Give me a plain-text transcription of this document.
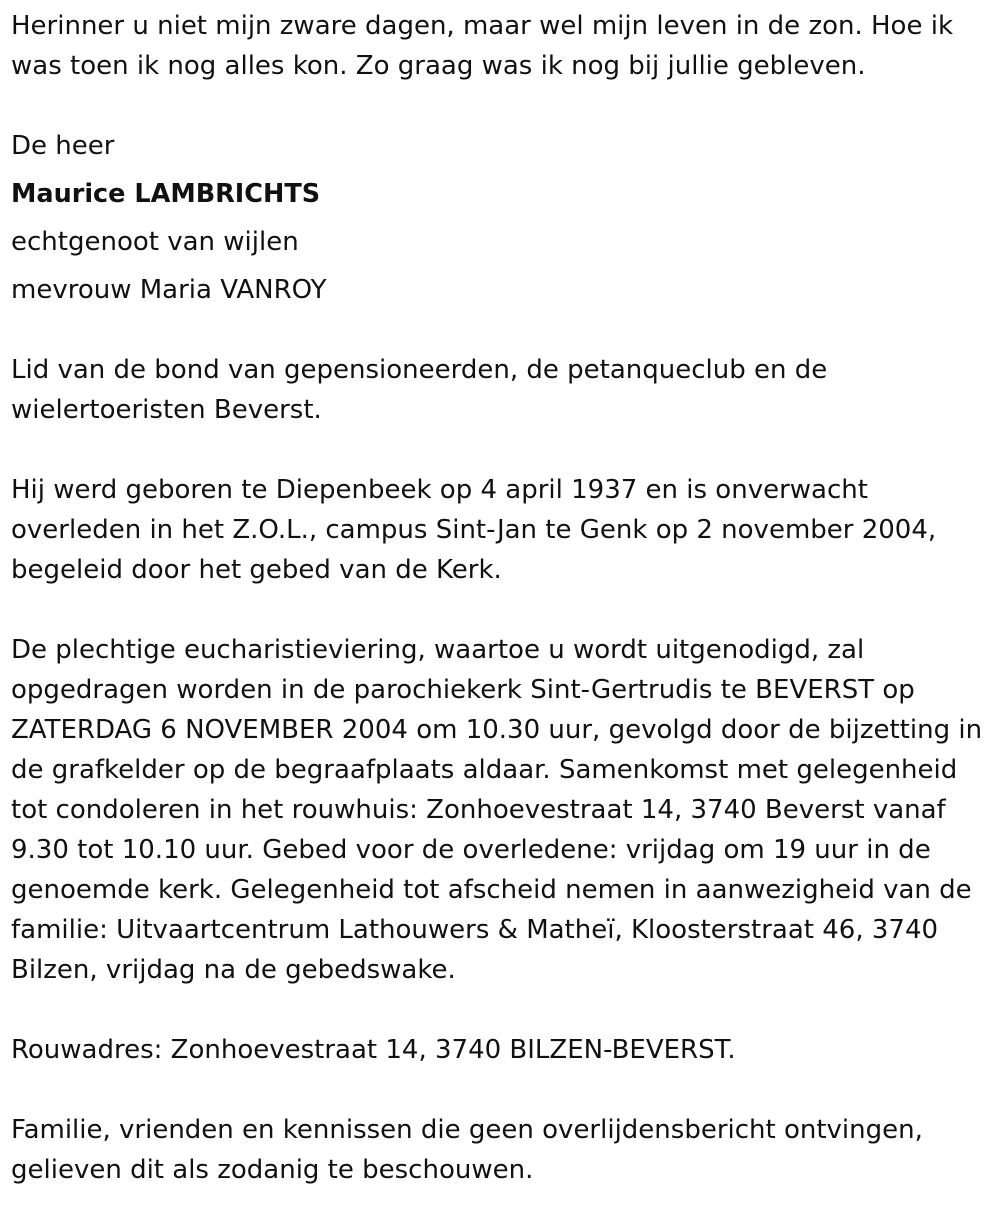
Herinner u niet mijn zware dagen, maar wel mijn leven in de zon. Hoe ik was toen ik nog alles kon. Zo graag was ik nog bij jullie gebleven.

De heer

Maurice LAMBRICHTS

echtgenoot van wijlen

mevrouw Maria VANROY

Lid van de bond van gepensioneerden, de petanqueclub en de wielertoeristen Beverst.

Hij werd geboren te Diepenbeek op 4 april 1937 en is onverwacht overleden in het Z.O.L., campus Sint-Jan te Genk op 2 november 2004, begeleid door het gebed van de Kerk.

De plechtige eucharistieviering, waartoe u wordt uitgenodigd, zal opgedragen worden in de parochiekerk Sint-Gertrudis te BEVERST op ZATERDAG 6 NOVEMBER 2004 om 10.30 uur, gevolgd door de bijzetting in de grafkelder op de begraafplaats aldaar. Samenkomst met gelegenheid tot condoleren in het rouwhuis: Zonhoevestraat 14, 3740 Beverst vanaf 9.30 tot 10.10 uur. Gebed voor de overledene: vrijdag om 19 uur in de genoemde kerk. Gelegenheid tot afscheid nemen in aanwezigheid van de familie: Uitvaartcentrum Lathouwers & Matheï, Kloosterstraat 46, 3740 Bilzen, vrijdag na de gebedswake.

Rouwadres: Zonhoevestraat 14, 3740 BILZEN-BEVERST.

Familie, vrienden en kennissen die geen overlijdensbericht ontvingen, gelieven dit als zodanig te beschouwen.
